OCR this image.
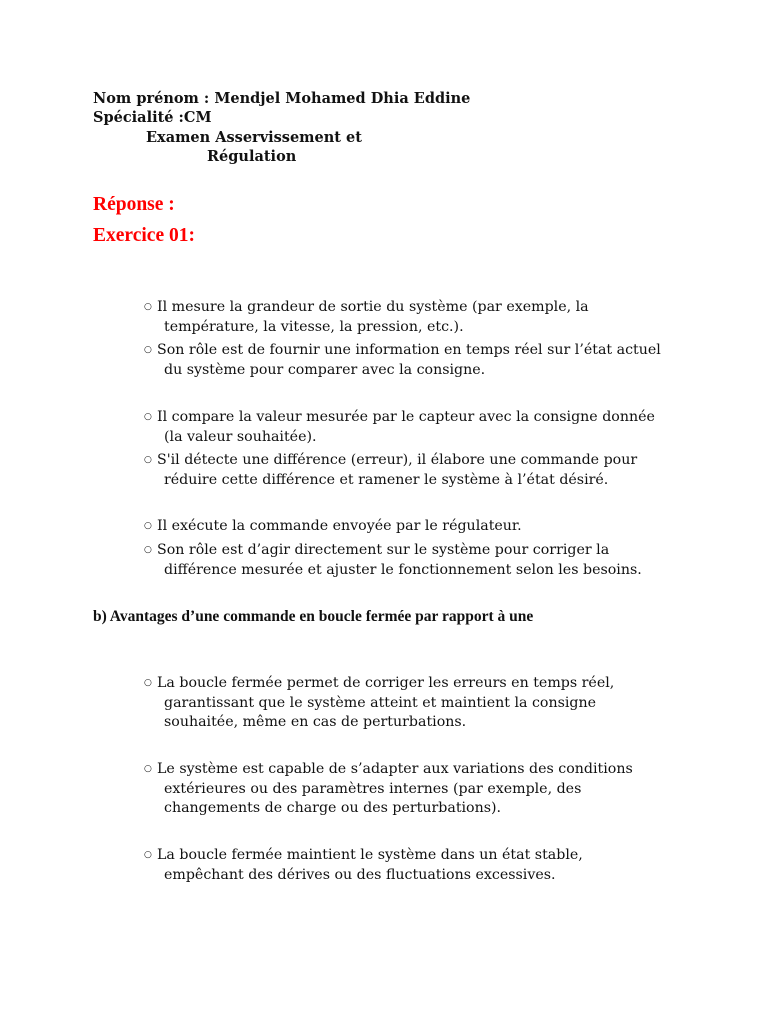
Nom prénom : Mendjel Mohamed Dhia Eddine
Spécialité :CM
Examen Asservissement et
Régulation
Réponse :
Exercice 01:
○ Il mesure la grandeur de sortie du système (par exemple, la
température, la vitesse, la pression, etc.).
○ Son rôle est de fournir une information en temps réel sur l’état actuel
du système pour comparer avec la consigne.
○ Il compare la valeur mesurée par le capteur avec la consigne donnée
(la valeur souhaitée).
○ S'il détecte une différence (erreur), il élabore une commande pour
réduire cette différence et ramener le système à l’état désiré.
○ Il exécute la commande envoyée par le régulateur.
○ Son rôle est d’agir directement sur le système pour corriger la
différence mesurée et ajuster le fonctionnement selon les besoins.
b) Avantages d’une commande en boucle fermée par rapport à une
○ La boucle fermée permet de corriger les erreurs en temps réel,
garantissant que le système atteint et maintient la consigne
souhaitée, même en cas de perturbations.
○ Le système est capable de s’adapter aux variations des conditions
extérieures ou des paramètres internes (par exemple, des
changements de charge ou des perturbations).
○ La boucle fermée maintient le système dans un état stable,
empêchant des dérives ou des fluctuations excessives.
